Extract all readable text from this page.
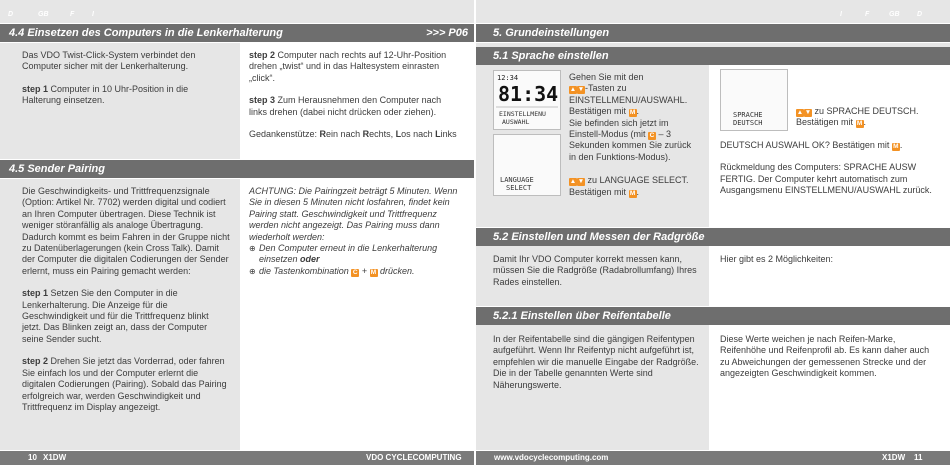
D	GB	F	I	I	F	GB	D
4.4 Einsetzen des Computers in die Lenkerhalterung	>>> P06

Das VDO Twist-Click-System verbindet den Computer sicher mit der Lenkerhalterung.

step 1 Computer in 10 Uhr-Position in die Halterung einsetzen.

step 2 Computer nach rechts auf 12-Uhr-Position drehen „twist“ und in das Haltesystem einrasten „click“.

step 3 Zum Herausnehmen den Computer nach links drehen (dabei nicht drücken oder ziehen).

Gedankenstütze: Rein nach Rechts, Los nach Links

4.5 Sender Pairing

Die Geschwindigkeits- und Trittfrequenzsignale (Option: Artikel Nr. 7702) werden digital und codiert an Ihren Computer übertragen. Diese Technik ist weniger störanfällig als analoge Übertragung. Dadurch kommt es beim Fahren in der Gruppe nicht zu Datenüberlagerungen (kein Cross Talk). Damit der Computer die digitalen Codierungen der Sender erlernt, muss ein Pairing gemacht werden:

step 1 Setzen Sie den Computer in die Lenkerhalterung. Die Anzeige für die Geschwindigkeit und für die Trittfrequenz blinkt jetzt. Das Blinken zeigt an, dass der Computer seine Sender sucht.

step 2 Drehen Sie jetzt das Vorderrad, oder fahren Sie einfach los und der Computer erlernt die digitalen Codierungen (Pairing). Sobald das Pairing erfolgreich war, werden Geschwindigkeit und Trittfrequenz im Display angezeigt.

ACHTUNG: Die Pairingzeit beträgt 5 Minuten. Wenn Sie in diesen 5 Minuten nicht losfahren, findet kein Pairing statt. Geschwindigkeit und Trittfrequenz werden nicht angezeigt. Das Pairing muss dann wiederholt werden:

⊕ Den Computer erneut in die Lenkerhalterung einsetzen oder
⊕ die Tastenkombination C + M drücken.
10 X1DW	VDO CYCLECOMPUTING
5. Grundeinstellungen
5.1 Sprache einstellen
12:34
81:34
EINSTELLMENU
AUSWAHL
LANGUAGE
SELECT

Gehen Sie mit den
▲ ▼-Tasten zu EINSTELLMENU/AUSWAHL. Bestätigen mit M.
Sie befinden sich jetzt im Einstell-Modus (mit C – 3 Sekunden kommen Sie zurück in den Funktions-Modus).

▲ ▼ zu LANGUAGE SELECT. Bestätigen mit M.

SPRACHE
DEUTSCH

▲ ▼ zu SPRACHE DEUTSCH. Bestätigen mit M.

DEUTSCH AUSWAHL OK? Bestätigen mit M.

Rückmeldung des Computers: SPRACHE AUSW FERTIG. Der Computer kehrt automatisch zum Ausgangsmenu EINSTELLMENU/AUSWAHL zurück.

5.2 Einstellen und Messen der Radgröße

Damit Ihr VDO Computer korrekt messen kann, müssen Sie die Radgröße (Radabrollumfang) Ihres Rades einstellen.

Hier gibt es 2 Möglichkeiten:

5.2.1 Einstellen über Reifentabelle

In der Reifentabelle sind die gängigen Reifentypen aufgeführt. Wenn Ihr Reifentyp nicht aufgeführt ist, empfehlen wir die manuelle Eingabe der Radgröße. Die in der Tabelle genannten Werte sind Näherungswerte.

Diese Werte weichen je nach Reifen-Marke, Reifenhöhe und Reifenprofil ab. Es kann daher auch zu Abweichungen der gemessenen Strecke und der angezeigten Geschwindigkeit kommen.

www.vdocyclecomputing.com	X1DW 11
